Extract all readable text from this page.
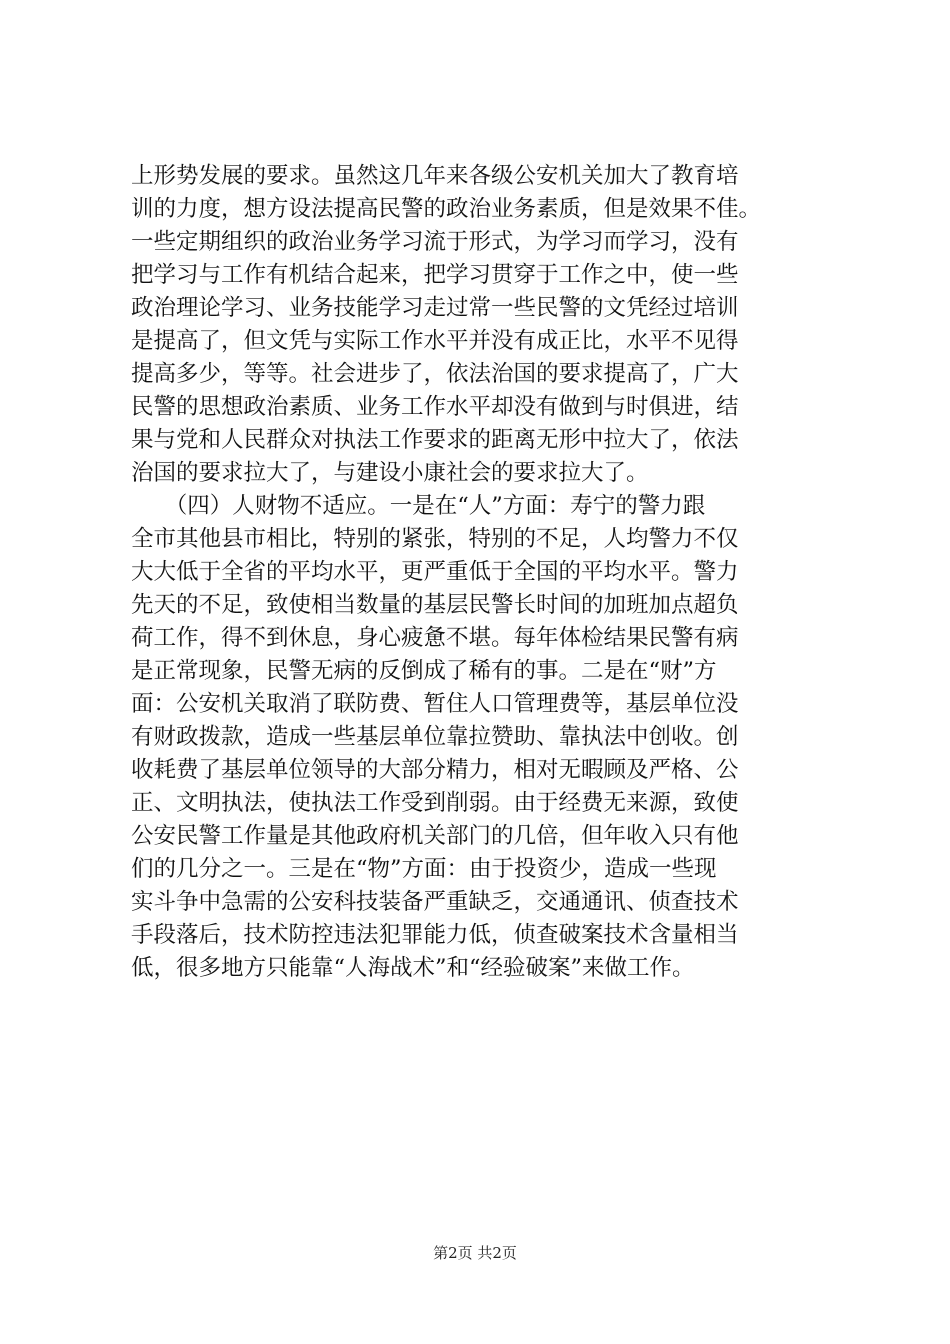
上形势发展的要求。虽然这几年来各级公安机关加大了教育培
训的力度，想方设法提高民警的政治业务素质，但是效果不佳。
一些定期组织的政治业务学习流于形式，为学习而学习，没有
把学习与工作有机结合起来，把学习贯穿于工作之中，使一些
政治理论学习、业务技能学习走过常一些民警的文凭经过培训
是提高了，但文凭与实际工作水平并没有成正比，水平不见得
提高多少，等等。社会进步了，依法治国的要求提高了，广大
民警的思想政治素质、业务工作水平却没有做到与时俱进，结
果与党和人民群众对执法工作要求的距离无形中拉大了，依法
治国的要求拉大了，与建设小康社会的要求拉大了。
　　（四）人财物不适应。一是在“人”方面：寿宁的警力跟
全市其他县市相比，特别的紧张，特别的不足，人均警力不仅
大大低于全省的平均水平，更严重低于全国的平均水平。警力
先天的不足，致使相当数量的基层民警长时间的加班加点超负
荷工作，得不到休息，身心疲惫不堪。每年体检结果民警有病
是正常现象，民警无病的反倒成了稀有的事。二是在“财”方
面：公安机关取消了联防费、暂住人口管理费等，基层单位没
有财政拨款，造成一些基层单位靠拉赞助、靠执法中创收。创
收耗费了基层单位领导的大部分精力，相对无暇顾及严格、公
正、文明执法，使执法工作受到削弱。由于经费无来源，致使
公安民警工作量是其他政府机关部门的几倍，但年收入只有他
们的几分之一。三是在“物”方面：由于投资少，造成一些现
实斗争中急需的公安科技装备严重缺乏，交通通讯、侦查技术
手段落后，技术防控违法犯罪能力低，侦查破案技术含量相当
低，很多地方只能靠“人海战术”和“经验破案”来做工作。
第2页 共2页
